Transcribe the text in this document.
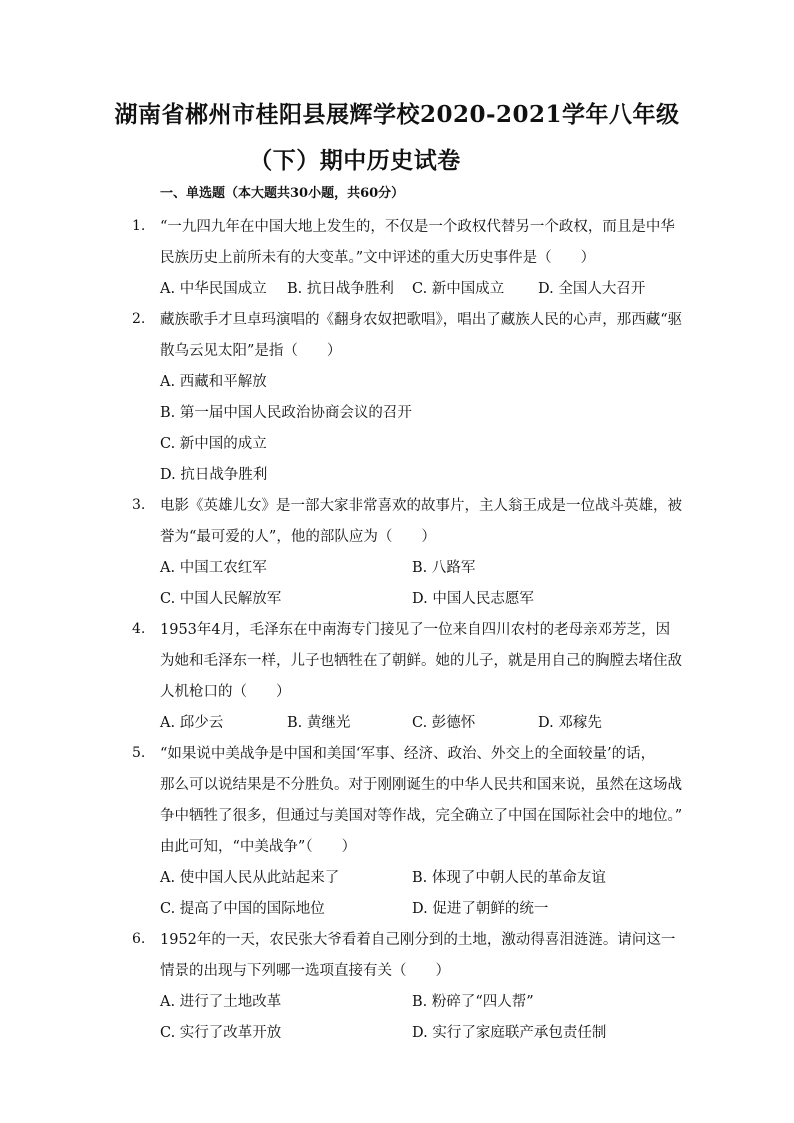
湖南省郴州市桂阳县展辉学校2020-2021学年八年级
（下）期中历史试卷
一、单选题（本大题共30小题，共60分）
1. “一九四九年在中国大地上发生的，不仅是一个政权代替另一个政权，而且是中华
民族历史上前所未有的大变革。”文中评述的重大历史事件是（　　）
A. 中华民国成立 B. 抗日战争胜利 C. 新中国成立 D. 全国人大召开
2. 藏族歌手才旦卓玛演唱的《翻身农奴把歌唱》，唱出了藏族人民的心声，那西藏“驱
散乌云见太阳”是指（　　）
A. 西藏和平解放
B. 第一届中国人民政治协商会议的召开
C. 新中国的成立
D. 抗日战争胜利
3. 电影《英雄儿女》是一部大家非常喜欢的故事片，主人翁王成是一位战斗英雄，被
誉为“最可爱的人”，他的部队应为（　　）
A. 中国工农红军	B. 八路军
C. 中国人民解放军	D. 中国人民志愿军
4. 1953年4月，毛泽东在中南海专门接见了一位来自四川农村的老母亲邓芳芝，因
为她和毛泽东一样，儿子也牺牲在了朝鲜。她的儿子，就是用自己的胸膛去堵住敌
人机枪口的（　　）
A. 邱少云	B. 黄继光	C. 彭德怀	D. 邓稼先
5. “如果说中美战争是中国和美国‘军事、经济、政治、外交上的全面较量’的话，
那么可以说结果是不分胜负。对于刚刚诞生的中华人民共和国来说，虽然在这场战
争中牺牲了很多，但通过与美国对等作战，完全确立了中国在国际社会中的地位。”
由此可知，“中美战争”（　　）
A. 使中国人民从此站起来了	B. 体现了中朝人民的革命友谊
C. 提高了中国的国际地位	D. 促进了朝鲜的统一
6. 1952年的一天，农民张大爷看着自己刚分到的土地，激动得喜泪涟涟。请问这一
情景的出现与下列哪一选项直接有关（　　）
A. 进行了土地改革	B. 粉碎了“四人帮”
C. 实行了改革开放	D. 实行了家庭联产承包责任制
